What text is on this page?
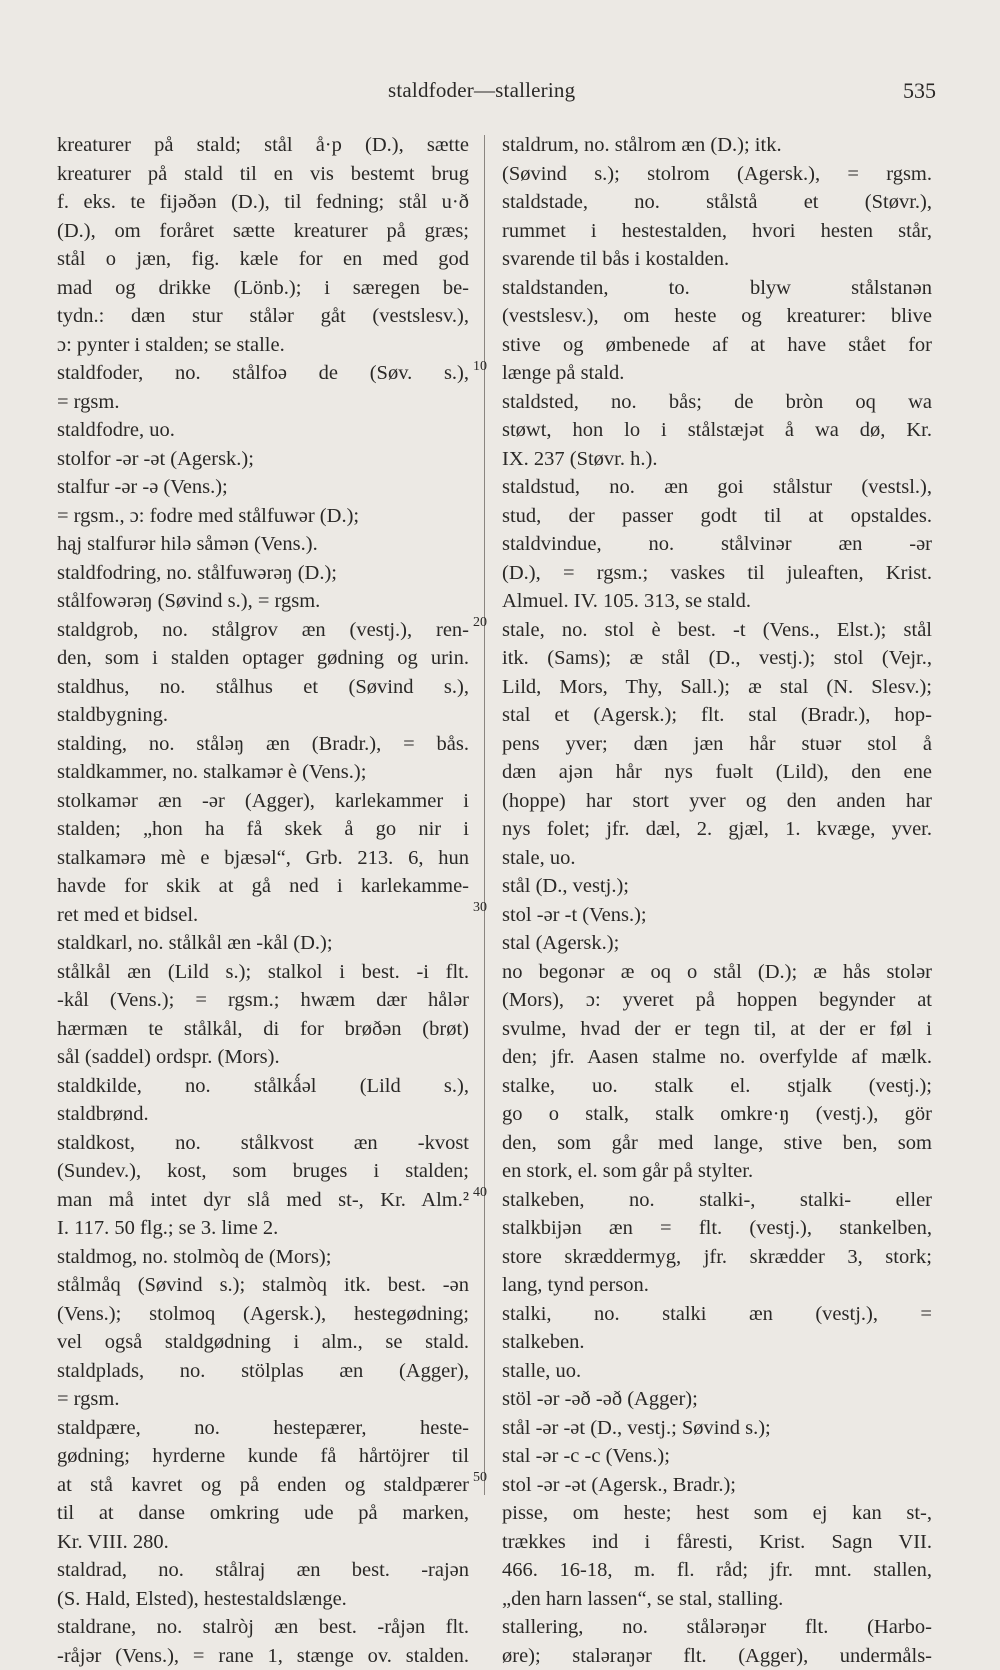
staldfoder—stallering	535
kreaturer på stald; stål å·p (D.), sætte
kreaturer på stald til en vis bestemt brug
f. eks. te fijəðən (D.), til fedning; stål u·ð
(D.), om foråret sætte kreaturer på græs;
stål o jæn, fig. kæle for en med god
mad og drikke (Lönb.); i særegen be-
tydn.: dæn stur stålər gåt (vestslesv.),
ɔ: pynter i stalden; se stalle.
staldfoder, no. stålfoə de (Søv. s.),
= rgsm.
staldfodre, uo.
stolfor -ər -ət (Agersk.);
stalfur -ər -ə (Vens.);
= rgsm., ɔ: fodre med stålfuwər (D.);
hąj stalfurər hilə såmən (Vens.).
staldfodring, no. stålfuwərəŋ (D.);
stålfowərəŋ (Søvind s.), = rgsm.
staldgrob, no. stålgrov æn (vestj.), ren-
den, som i stalden optager gødning og urin.
staldhus, no. stålhus et (Søvind s.),
staldbygning.
stalding, no. stålǝŋ æn (Bradr.), = bås.
staldkammer, no. stalkamər è (Vens.);
stolkamər æn -ər (Agger), karlekammer i
stalden; „hon ha få skek å go nir i
stalkamərə mè e bjæsəl“, Grb. 213. 6, hun
havde for skik at gå ned i karlekamme-
ret med et bidsel.
staldkarl, no. stålkål æn -kål (D.);
stålkål æn (Lild s.); stalkol i best. -i flt.
-kål (Vens.); = rgsm.; hwæm dær hålər
hærmæn te stålkål, di for brøðən (brøt)
sål (saddel) ordspr. (Mors).
staldkilde, no. stålkǻəl (Lild s.),
staldbrønd.
staldkost, no. stålkvost æn -kvost
(Sundev.), kost, som bruges i stalden;
man må intet dyr slå med st-, Kr. Alm.²
I. 117. 50 flg.; se 3. lime 2.
staldmog, no. stolmòq de (Mors);
stålmåq (Søvind s.); stalmòq itk. best. -ən
(Vens.); stolmoq (Agersk.), hestegødning;
vel også staldgødning i alm., se stald.
staldplads, no. stölplas æn (Agger),
= rgsm.
staldpære, no. hestepærer, heste-
gødning; hyrderne kunde få hårtöjrer til
at stå kavret og på enden og staldpærer
til at danse omkring ude på marken,
Kr. VIII. 280.
staldrad, no. stålraj æn best. -rajən
(S. Hald, Elsted), hestestaldslænge.
staldrane, no. stalròj æn best. -råjən flt.
-råjər (Vens.), = rane 1, stænge ov. stalden.
staldrum, no. stålrom æn (D.); itk.
(Søvind s.); stolrom (Agersk.), = rgsm.
staldstade, no. stålstå et (Støvr.),
rummet i hestestalden, hvori hesten står,
svarende til bås i kostalden.
staldstanden, to. blyw stålstanən
(vestslesv.), om heste og kreaturer: blive
stive og ømbenede af at have stået for
længe på stald.
staldsted, no. bås; de bròn oq wa
støwt, hon lo i stålstæjət å wa dø, Kr.
IX. 237 (Støvr. h.).
staldstud, no. æn goi stålstur (vestsl.),
stud, der passer godt til at opstaldes.
staldvindue, no. stålvinər æn -ər
(D.), = rgsm.; vaskes til juleaften, Krist.
Almuel. IV. 105. 313, se stald.
stale, no. stol è best. -t (Vens., Elst.); stål
itk. (Sams); æ stål (D., vestj.); stol (Vejr.,
Lild, Mors, Thy, Sall.); æ stal (N. Slesv.);
stal et (Agersk.); flt. stal (Bradr.), hop-
pens yver; dæn jæn hår stuər stol å
dæn ajən hår nys fuəlt (Lild), den ene
(hoppe) har stort yver og den anden har
nys folet; jfr. dæl, 2. gjæl, 1. kvæge, yver.
stale, uo.
stål (D., vestj.);
stol -ər -t (Vens.);
stal (Agersk.);
no begonər æ oq o stål (D.); æ hås stolər
(Mors), ɔ: yveret på hoppen begynder at
svulme, hvad der er tegn til, at der er føl i
den; jfr. Aasen stalme no. overfylde af mælk.
stalke, uo. stalk el. stjalk (vestj.);
go o stalk, stalk omkre·ŋ (vestj.), gör
den, som går med lange, stive ben, som
en stork, el. som går på stylter.
stalkeben, no. stalki-, stalki- eller
stalkbijən æn = flt. (vestj.), stankelben,
store skræddermyg, jfr. skrædder 3, stork;
lang, tynd person.
stalki, no. stalki æn (vestj.), =
stalkeben.
stalle, uo.
stöl -ər -əð -əð (Agger);
stål -ər -ət (D., vestj.; Søvind s.);
stal -ər -c -c (Vens.);
stol -ər -ət (Agersk., Bradr.);
pisse, om heste; hest som ej kan st-,
trækkes ind i fåresti, Krist. Sagn VII.
466. 16-18, m. fl. råd; jfr. mnt. stallen,
„den harn lassen“, se stal, stalling.
stallering, no. stålərəŋər flt. (Harbo-
øre); staləraŋər flt. (Agger), undermåls-
10
20
30
40
50
